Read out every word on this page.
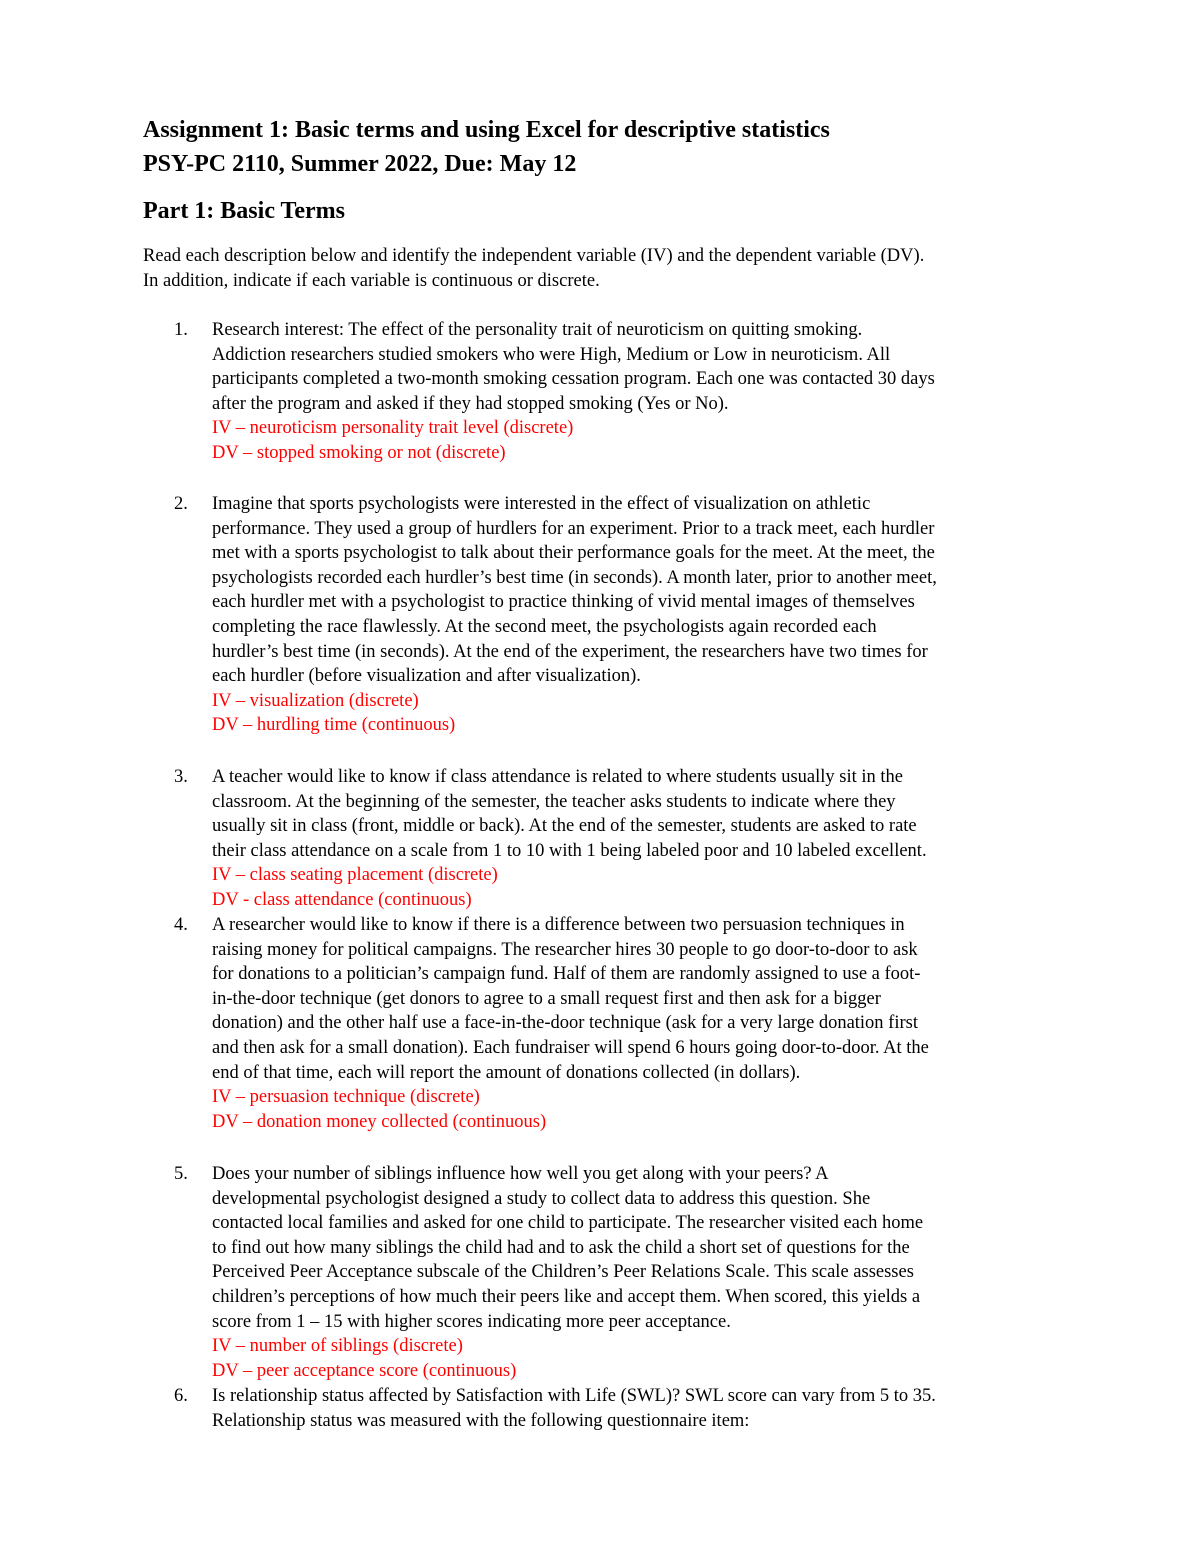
Assignment 1: Basic terms and using Excel for descriptive statistics
PSY-PC 2110, Summer 2022, Due: May 12
Part 1: Basic Terms
Read each description below and identify the independent variable (IV) and the dependent variable (DV).
In addition, indicate if each variable is continuous or discrete.
1. Research interest: The effect of the personality trait of neuroticism on quitting smoking.
Addiction researchers studied smokers who were High, Medium or Low in neuroticism. All
participants completed a two-month smoking cessation program. Each one was contacted 30 days
after the program and asked if they had stopped smoking (Yes or No).
IV – neuroticism personality trait level (discrete)
DV – stopped smoking or not (discrete)
2. Imagine that sports psychologists were interested in the effect of visualization on athletic
performance. They used a group of hurdlers for an experiment. Prior to a track meet, each hurdler
met with a sports psychologist to talk about their performance goals for the meet. At the meet, the
psychologists recorded each hurdler’s best time (in seconds). A month later, prior to another meet,
each hurdler met with a psychologist to practice thinking of vivid mental images of themselves
completing the race flawlessly. At the second meet, the psychologists again recorded each
hurdler’s best time (in seconds). At the end of the experiment, the researchers have two times for
each hurdler (before visualization and after visualization).
IV – visualization (discrete)
DV – hurdling time (continuous)
3. A teacher would like to know if class attendance is related to where students usually sit in the
classroom. At the beginning of the semester, the teacher asks students to indicate where they
usually sit in class (front, middle or back). At the end of the semester, students are asked to rate
their class attendance on a scale from 1 to 10 with 1 being labeled poor and 10 labeled excellent.
IV – class seating placement (discrete)
DV - class attendance (continuous)
4. A researcher would like to know if there is a difference between two persuasion techniques in
raising money for political campaigns. The researcher hires 30 people to go door-to-door to ask
for donations to a politician’s campaign fund. Half of them are randomly assigned to use a foot-
in-the-door technique (get donors to agree to a small request first and then ask for a bigger
donation) and the other half use a face-in-the-door technique (ask for a very large donation first
and then ask for a small donation). Each fundraiser will spend 6 hours going door-to-door. At the
end of that time, each will report the amount of donations collected (in dollars).
IV – persuasion technique (discrete)
DV – donation money collected (continuous)
5. Does your number of siblings influence how well you get along with your peers? A
developmental psychologist designed a study to collect data to address this question. She
contacted local families and asked for one child to participate. The researcher visited each home
to find out how many siblings the child had and to ask the child a short set of questions for the
Perceived Peer Acceptance subscale of the Children’s Peer Relations Scale. This scale assesses
children’s perceptions of how much their peers like and accept them. When scored, this yields a
score from 1 – 15 with higher scores indicating more peer acceptance.
IV – number of siblings (discrete)
DV – peer acceptance score (continuous)
6. Is relationship status affected by Satisfaction with Life (SWL)? SWL score can vary from 5 to 35.
Relationship status was measured with the following questionnaire item:
